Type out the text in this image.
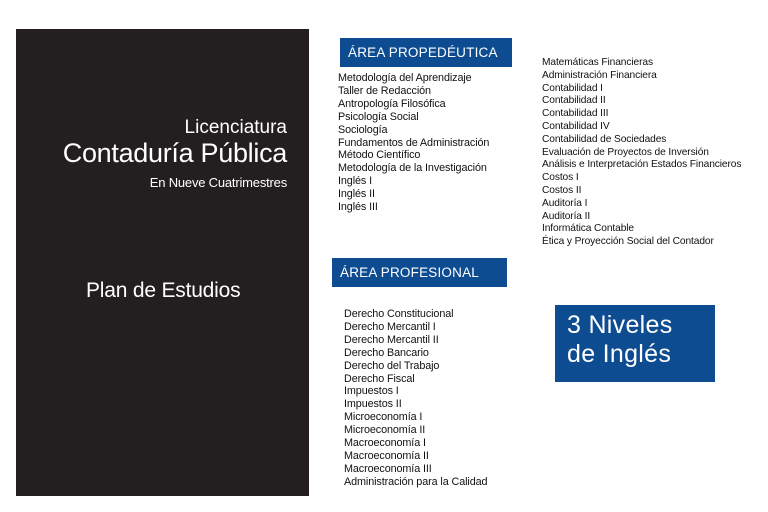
Licenciatura
Contaduría Pública
En Nueve Cuatrimestres
Plan de Estudios
ÁREA PROPEDÉUTICA
Metodología del Aprendizaje
Taller de Redacción
Antropología Filosófica
Psicología Social
Sociología
Fundamentos de Administración
Método Científico
Metodología de la Investigación
Inglés I
Inglés II
Inglés III
Matemáticas Financieras
Administración Financiera
Contabilidad I
Contabilidad II
Contabilidad III
Contabilidad IV
Contabilidad de Sociedades
Evaluación de Proyectos de Inversión
Análisis e Interpretación Estados Financieros
Costos I
Costos II
Auditoría I
Auditoría II
Informática Contable
Ética y Proyección Social del Contador
ÁREA PROFESIONAL
Derecho Constitucional
Derecho Mercantil I
Derecho Mercantil II
Derecho Bancario
Derecho del Trabajo
Derecho Fiscal
Impuestos I
Impuestos II
Microeconomía I
Microeconomía II
Macroeconomía I
Macroeconomía II
Macroeconomía III
Administración para la Calidad
3 Niveles
de Inglés
